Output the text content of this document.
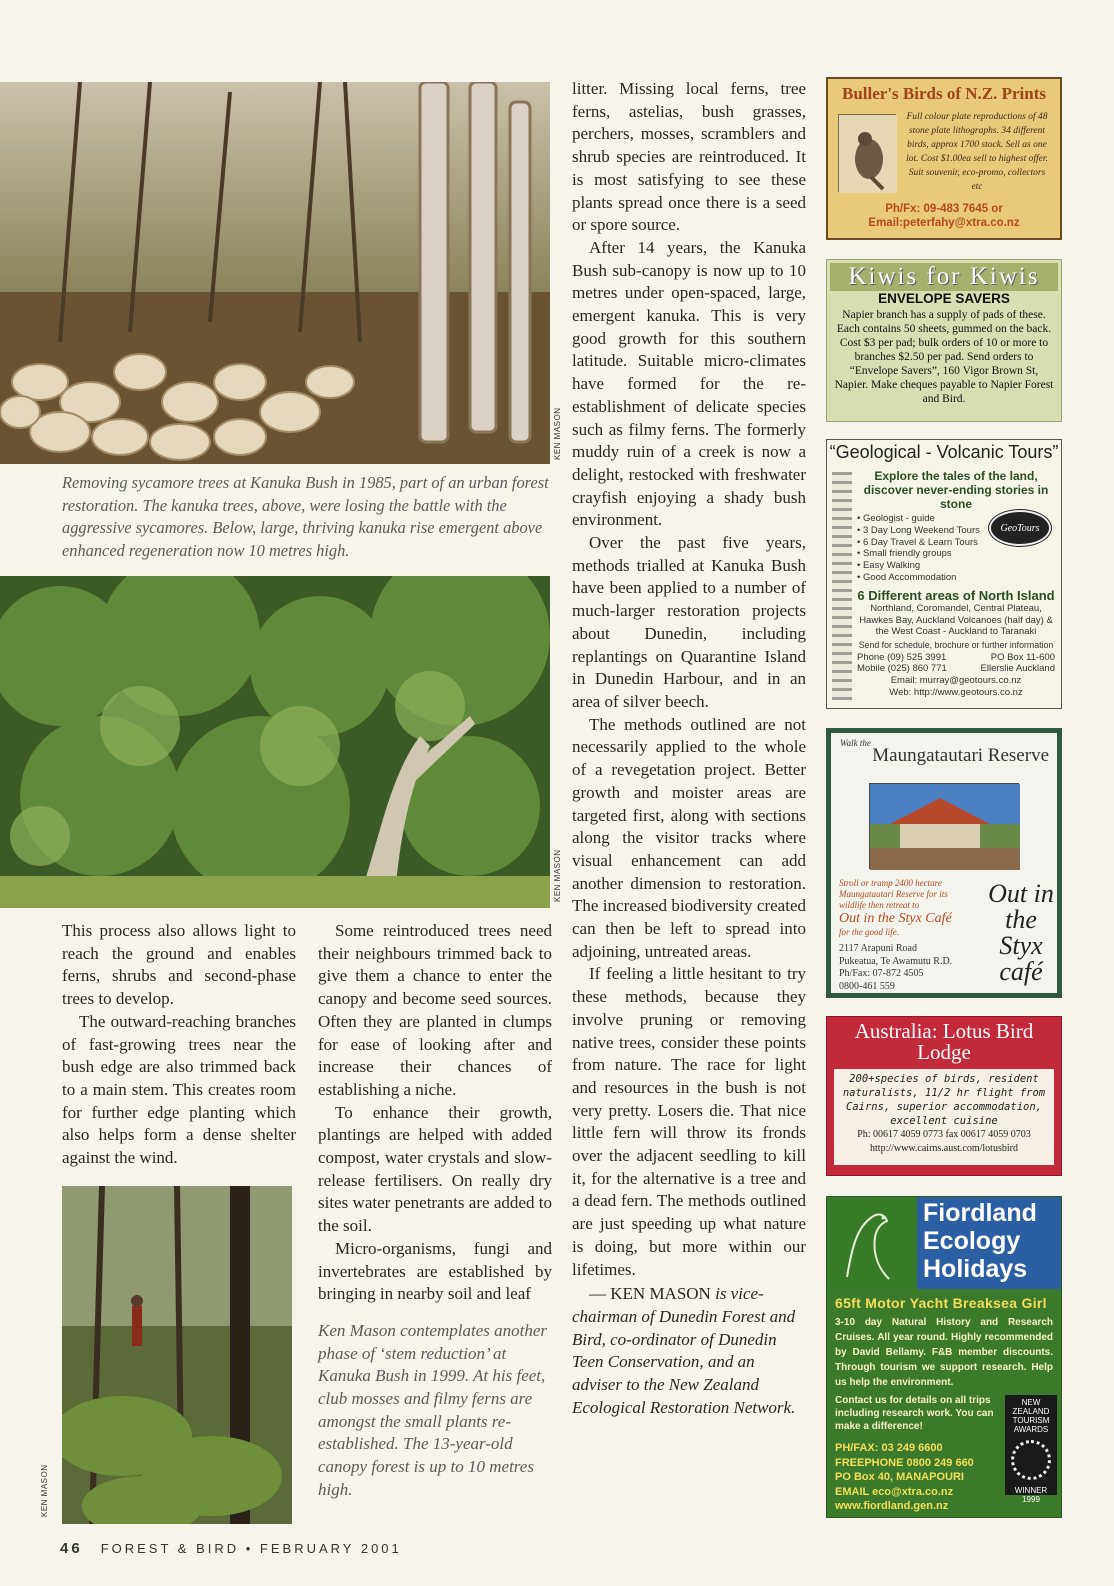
KEN MASON
Removing sycamore trees at Kanuka Bush in 1985, part of an urban forest restoration. The kanuka trees, above, were losing the battle with the aggressive sycamores. Below, large, thriving kanuka rise emergent above enhanced regeneration now 10 metres high.
KEN MASON

This process also allows light to reach the ground and enables ferns, shrubs and second-phase trees to develop.

The outward-reaching branches of fast-growing trees near the bush edge are also trimmed back to a main stem. This creates room for further edge planting which also helps form a dense shelter against the wind.

KEN MASON

Some reintroduced trees need their neighbours trimmed back to give them a chance to enter the canopy and become seed sources. Often they are planted in clumps for ease of looking after and increase their chances of establishing a niche.

To enhance their growth, plantings are helped with added compost, water crystals and slow-release fertilisers. On really dry sites water penetrants are added to the soil.

Micro-organisms, fungi and invertebrates are established by bringing in nearby soil and leaf

Ken Mason contemplates another phase of ‘stem reduction’ at Kanuka Bush in 1999. At his feet, club mosses and filmy ferns are amongst the small plants re-established. The 13-year-old canopy forest is up to 10 metres high.

litter. Missing local ferns, tree ferns, astelias, bush grasses, perchers, mosses, scramblers and shrub species are reintroduced. It is most satisfying to see these plants spread once there is a seed or spore source.

After 14 years, the Kanuka Bush sub-canopy is now up to 10 metres under open-spaced, large, emergent kanuka. This is very good growth for this southern latitude. Suitable micro-climates have formed for the re-establishment of delicate species such as filmy ferns. The formerly muddy ruin of a creek is now a delight, restocked with freshwater crayfish enjoying a shady bush environment.

Over the past five years, methods trialled at Kanuka Bush have been applied to a number of much-larger restoration projects about Dunedin, including replantings on Quarantine Island in Dunedin Harbour, and in an area of silver beech.

The methods outlined are not necessarily applied to the whole of a revegetation project. Better growth and moister areas are targeted first, along with sections along the visitor tracks where visual enhancement can add another dimension to restoration. The increased biodiversity created can then be left to spread into adjoining, untreated areas.

If feeling a little hesitant to try these methods, because they involve pruning or removing native trees, consider these points from nature. The race for light and resources in the bush is not very pretty. Losers die. That nice little fern will throw its fronds over the adjacent seedling to kill it, for the alternative is a tree and a dead fern. The methods outlined are just speeding up what nature is doing, but more within our lifetimes.

— KEN MASON is vice-chairman of Dunedin Forest and Bird, co-ordinator of Dunedin Teen Conservation, and an adviser to the New Zealand Ecological Restoration Network.

46 FOREST & BIRD • FEBRUARY 2001
Buller's Birds of N.Z. Prints
Full colour plate reproductions of 48 stone plate lithographs. 34 different birds, approx 1700 stock. Sell as one lot. Cost $1.00ea sell to highest offer. Suit souvenir, eco-promo, collectors etc
Ph/Fx: 09-483 7645 or
Email:peterfahy@xtra.co.nz
Kiwis for Kiwis
ENVELOPE SAVERS
Napier branch has a supply of pads of these. Each contains 50 sheets, gummed on the back. Cost $3 per pad; bulk orders of 10 or more to branches $2.50 per pad. Send orders to “Envelope Savers”, 160 Vigor Brown St, Napier. Make cheques payable to Napier Forest and Bird.
“Geological - Volcanic Tours”
Explore the tales of the land, discover never-ending stories in stone
• Geologist - guide
• 3 Day Long Weekend Tours
• 6 Day Travel & Learn Tours
• Small friendly groups
• Easy Walking
• Good Accommodation
6 Different areas of North Island
Northland, Coromandel, Central Plateau, Hawkes Bay, Auckland Volcanoes (half day) & the West Coast - Auckland to Taranaki
Send for schedule, brochure or further information
Phone (09) 525 3991	PO Box 11-600
Mobile (025) 860 771	Ellerslie Auckland
Email: murray@geotours.co.nz
Web: http://www.geotours.co.nz
GeoTours
Walk the
Maungatautari Reserve
Stroll or tramp 2400 hectare Maungatautari Reserve for its wildlife then retreat to
Out in the Styx Café
for the good life.
2117 Arapuni Road
Pukeatua, Te Awamutu R.D.
Ph/Fax: 07-872 4505
0800-461 559
Out in the Styx café
Australia: Lotus Bird Lodge
200+species of birds, resident naturalists, 11/2 hr flight from Cairns, superior accommodation, excellent cuisine
Ph: 00617 4059 0773 fax 00617 4059 0703
http://www.cairns.aust.com/lotusbird
Fiordland Ecology Holidays
65ft Motor Yacht Breaksea Girl
3-10 day Natural History and Research Cruises. All year round. Highly recommended by David Bellamy. F&B member discounts. Through tourism we support research. Help us help the environment.
Contact us for details on all trips including research work. You can make a difference!
PH/FAX: 03 249 6600
FREEPHONE 0800 249 660
PO Box 40, MANAPOURI
EMAIL eco@xtra.co.nz
www.fiordland.gen.nz
NEW ZEALAND TOURISM AWARDS
WINNER 1999
